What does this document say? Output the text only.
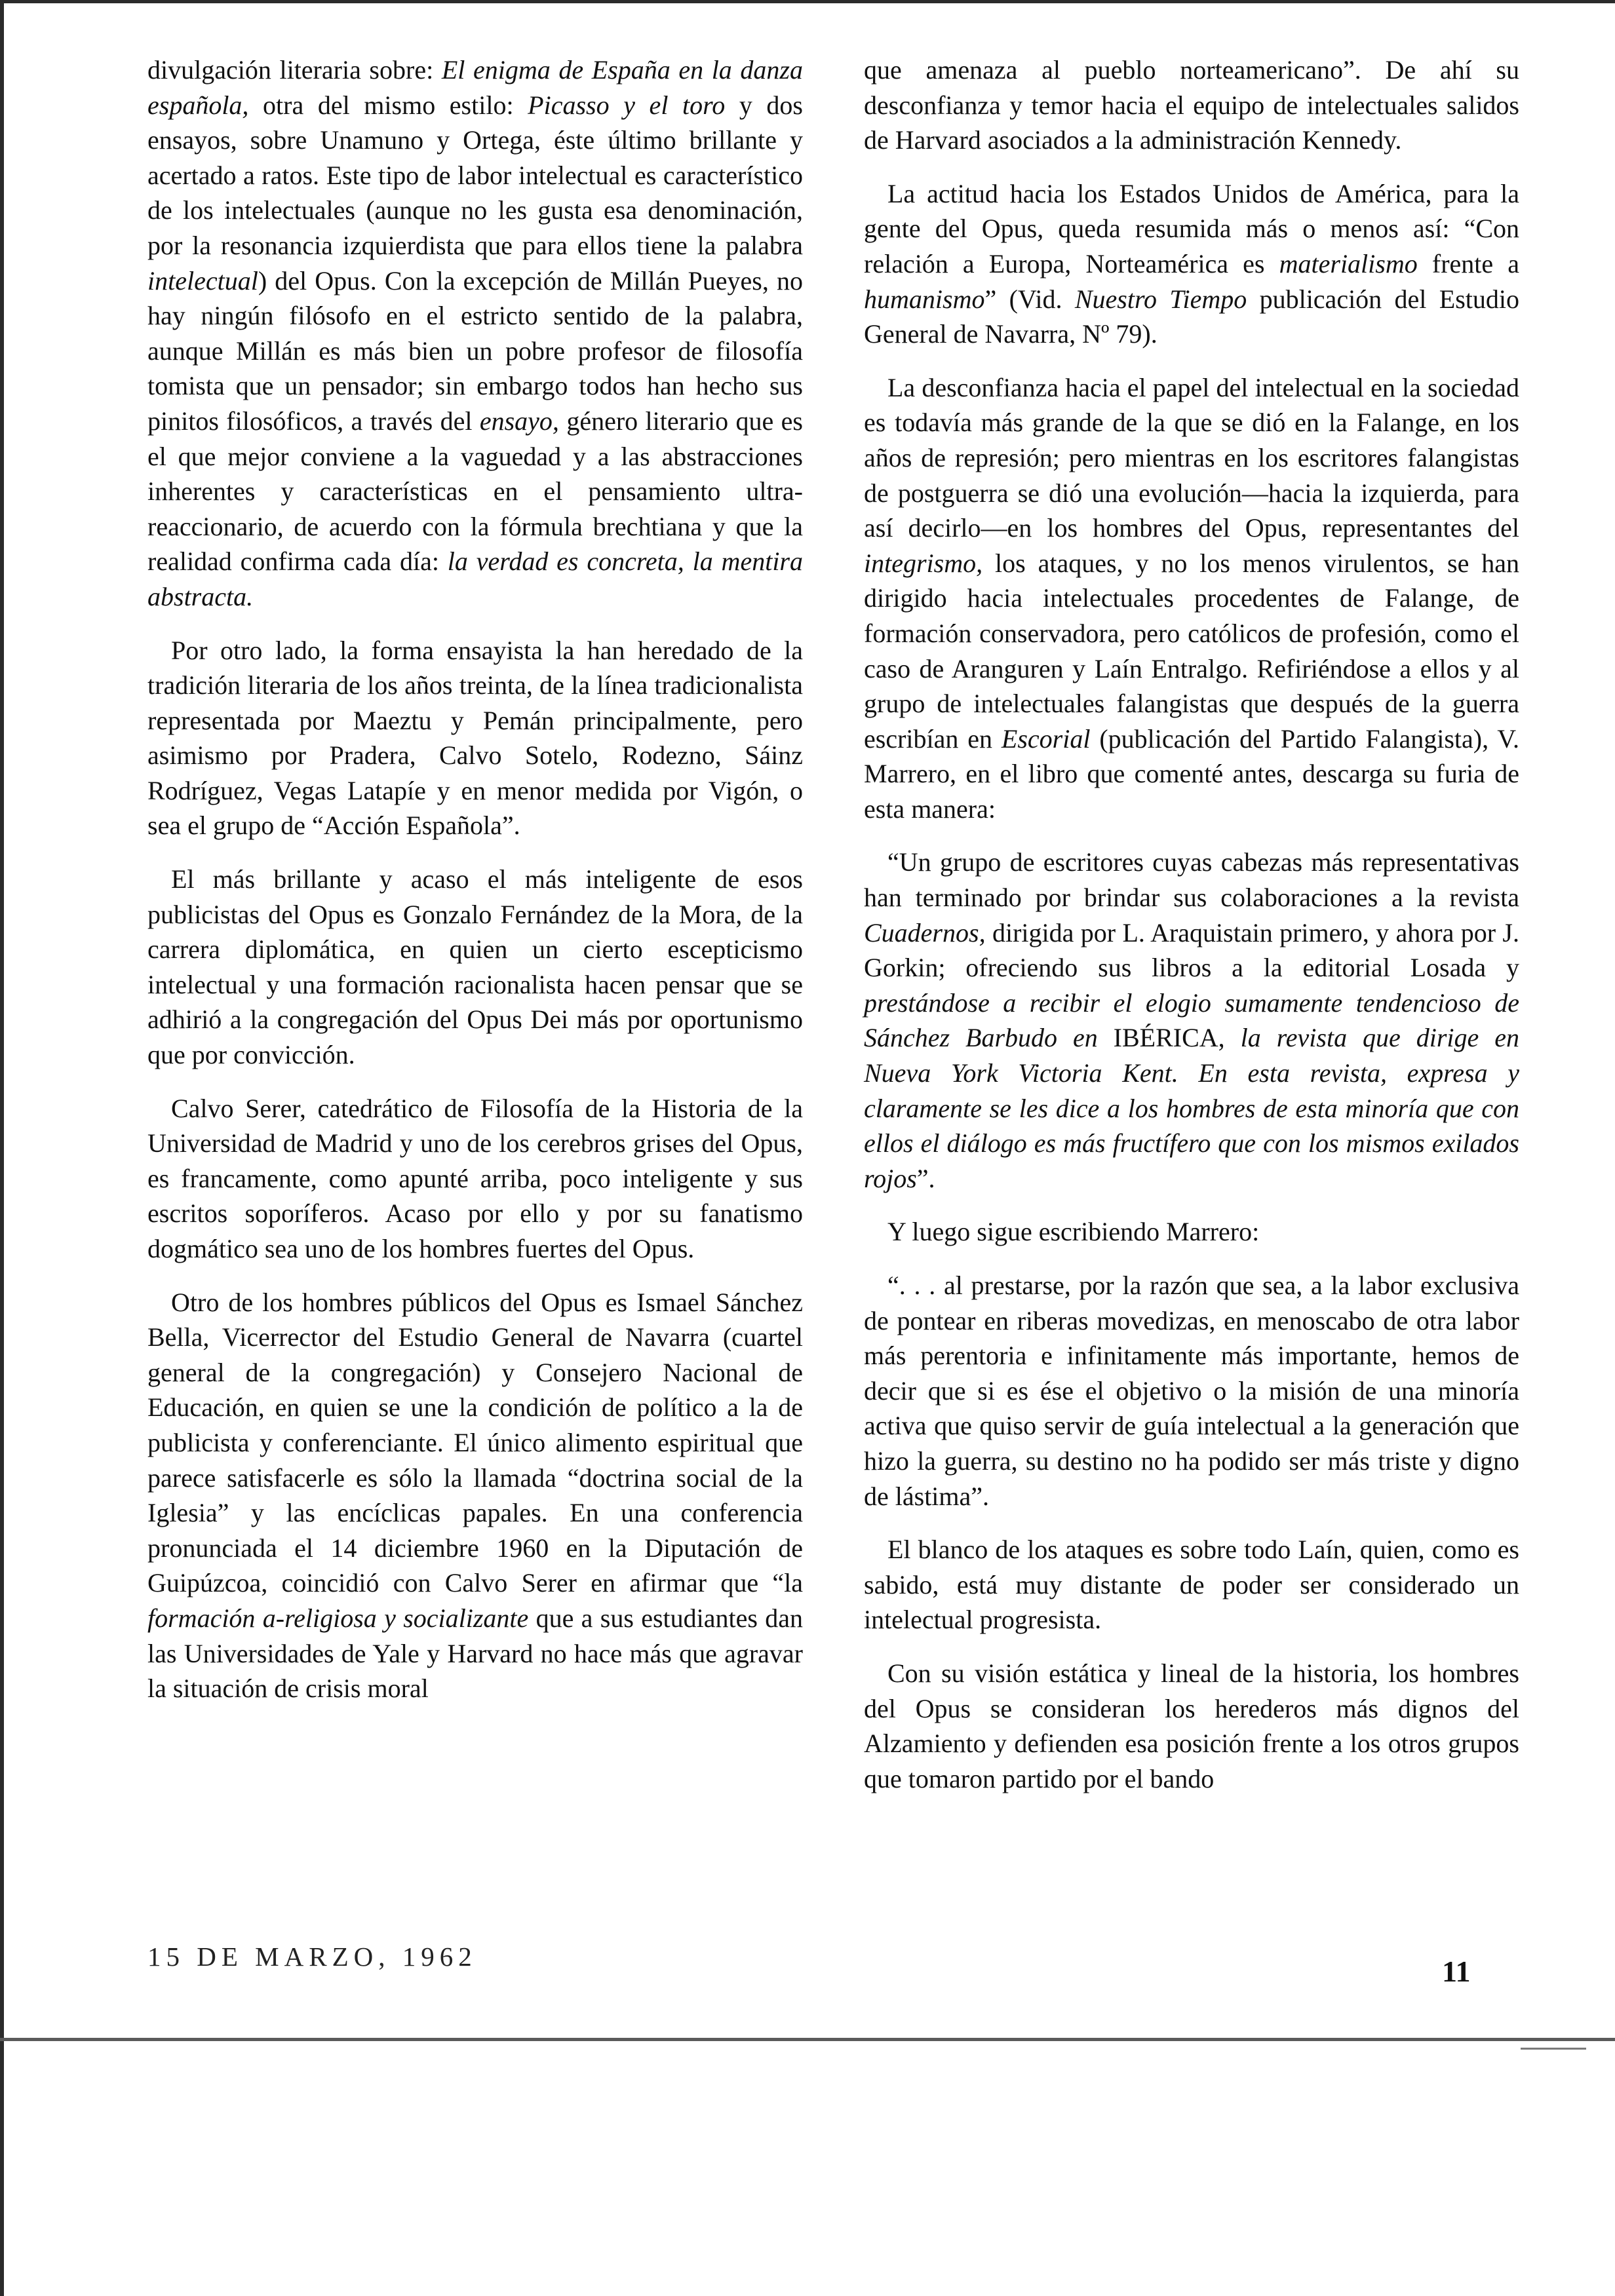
divulgación literaria sobre: El enigma de España en la danza española, otra del mismo estilo: Picasso y el toro y dos ensayos, sobre Unamuno y Ortega, éste último brillante y acertado a ratos. Este tipo de labor intelectual es característico de los intelectuales (aunque no les gusta esa denominación, por la resonancia izquierdista que para ellos tiene la palabra intelectual) del Opus. Con la excepción de Millán Pueyes, no hay ningún filósofo en el estricto sentido de la palabra, aunque Millán es más bien un pobre profesor de filosofía tomista que un pensador; sin embargo todos han hecho sus pinitos filosóficos, a través del ensayo, género literario que es el que mejor conviene a la vaguedad y a las abstracciones inherentes y características en el pensamiento ultra-reaccionario, de acuerdo con la fórmula brechtiana y que la realidad confirma cada día: la verdad es concreta, la mentira abstracta.

Por otro lado, la forma ensayista la han heredado de la tradición literaria de los años treinta, de la línea tradicionalista representada por Maeztu y Pemán principalmente, pero asimismo por Pradera, Calvo Sotelo, Rodezno, Sáinz Rodríguez, Vegas Latapíe y en menor medida por Vigón, o sea el grupo de “Acción Española”.

El más brillante y acaso el más inteligente de esos publicistas del Opus es Gonzalo Fernández de la Mora, de la carrera diplomática, en quien un cierto escepticismo intelectual y una formación racionalista hacen pensar que se adhirió a la congregación del Opus Dei más por oportunismo que por convicción.

Calvo Serer, catedrático de Filosofía de la Historia de la Universidad de Madrid y uno de los cerebros grises del Opus, es francamente, como apunté arriba, poco inteligente y sus escritos soporíferos. Acaso por ello y por su fanatismo dogmático sea uno de los hombres fuertes del Opus.

Otro de los hombres públicos del Opus es Ismael Sánchez Bella, Vicerrector del Estudio General de Navarra (cuartel general de la congregación) y Consejero Nacional de Educación, en quien se une la condición de político a la de publicista y conferenciante. El único alimento espiritual que parece satisfacerle es sólo la llamada “doctrina social de la Iglesia” y las encíclicas papales. En una conferencia pronunciada el 14 diciembre 1960 en la Diputación de Guipúzcoa, coincidió con Calvo Serer en afirmar que “la formación a-religiosa y socializante que a sus estudiantes dan las Universidades de Yale y Harvard no hace más que agravar la situación de crisis moral

que amenaza al pueblo norteamericano”. De ahí su desconfianza y temor hacia el equipo de intelectuales salidos de Harvard asociados a la administración Kennedy.

La actitud hacia los Estados Unidos de América, para la gente del Opus, queda resumida más o menos así: “Con relación a Europa, Norteamérica es materialismo frente a humanismo” (Vid. Nuestro Tiempo publicación del Estudio General de Navarra, Nº 79).

La desconfianza hacia el papel del intelectual en la sociedad es todavía más grande de la que se dió en la Falange, en los años de represión; pero mientras en los escritores falangistas de postguerra se dió una evolución—hacia la izquierda, para así decirlo—en los hombres del Opus, representantes del integrismo, los ataques, y no los menos virulentos, se han dirigido hacia intelectuales procedentes de Falange, de formación conservadora, pero católicos de profesión, como el caso de Aranguren y Laín Entralgo. Refiriéndose a ellos y al grupo de intelectuales falangistas que después de la guerra escribían en Escorial (publicación del Partido Falangista), V. Marrero, en el libro que comenté antes, descarga su furia de esta manera:

“Un grupo de escritores cuyas cabezas más representativas han terminado por brindar sus colaboraciones a la revista Cuadernos, dirigida por L. Araquistain primero, y ahora por J. Gorkin; ofreciendo sus libros a la editorial Losada y prestándose a recibir el elogio sumamente tendencioso de Sánchez Barbudo en IBÉRICA, la revista que dirige en Nueva York Victoria Kent. En esta revista, expresa y claramente se les dice a los hombres de esta minoría que con ellos el diálogo es más fructífero que con los mismos exilados rojos”.

Y luego sigue escribiendo Marrero:

“. . . al prestarse, por la razón que sea, a la labor exclusiva de pontear en riberas movedizas, en menoscabo de otra labor más perentoria e infinitamente más importante, hemos de decir que si es ése el objetivo o la misión de una minoría activa que quiso servir de guía intelectual a la generación que hizo la guerra, su destino no ha podido ser más triste y digno de lástima”.

El blanco de los ataques es sobre todo Laín, quien, como es sabido, está muy distante de poder ser considerado un intelectual progresista.

Con su visión estática y lineal de la historia, los hombres del Opus se consideran los herederos más dignos del Alzamiento y defienden esa posición frente a los otros grupos que tomaron partido por el bando

15 DE MARZO, 1962	11
